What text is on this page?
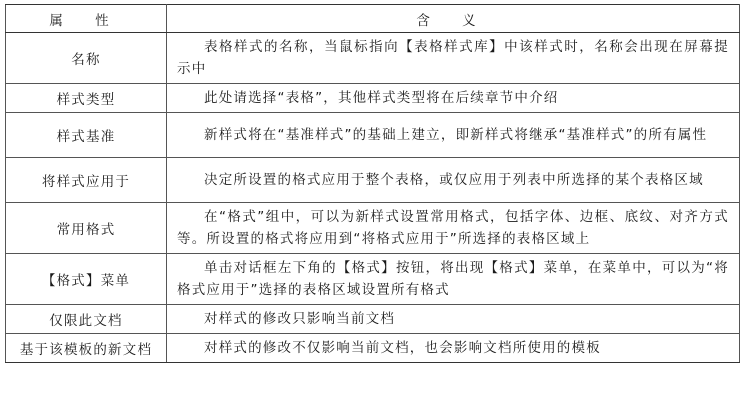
属 性	含 义
名称	表格样式的名称，当鼠标指向【表格样式库】中该样式时，名称会出现在屏幕提示中
样式类型	此处请选择“表格”，其他样式类型将在后续章节中介绍
样式基准	新样式将在“基准样式”的基础上建立，即新样式将继承“基准样式”的所有属性
将样式应用于	决定所设置的格式应用于整个表格，或仅应用于列表中所选择的某个表格区域
常用格式	在“格式”组中，可以为新样式设置常用格式，包括字体、边框、底纹、对齐方式等。所设置的格式将应用到“将格式应用于”所选择的表格区域上
【格式】菜单	单击对话框左下角的【格式】按钮，将出现【格式】菜单，在菜单中，可以为“将格式应用于”选择的表格区域设置所有格式
仅限此文档	对样式的修改只影响当前文档
基于该模板的新文档	对样式的修改不仅影响当前文档，也会影响文档所使用的模板
